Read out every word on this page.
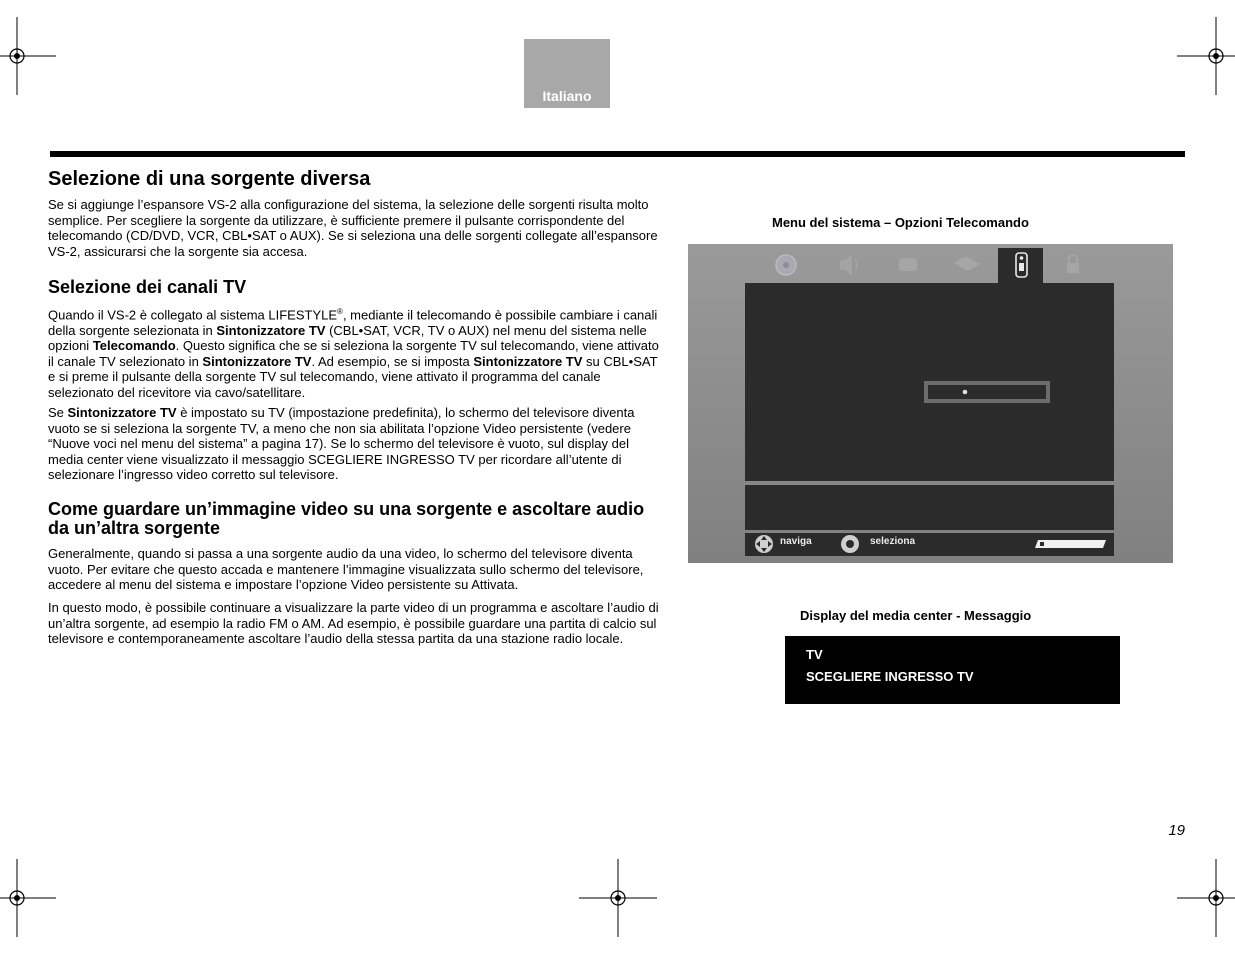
Italiano
Selezione di una sorgente diversa

Se si aggiunge l’espansore VS-2 alla configurazione del sistema, la selezione delle sorgenti risulta molto semplice. Per scegliere la sorgente da utilizzare, è sufficiente premere il pulsante corrispondente del telecomando (CD/DVD, VCR, CBL•SAT o AUX). Se si seleziona una delle sorgenti collegate all’espansore VS-2, assicurarsi che la sorgente sia accesa.

Selezione dei canali TV

Quando il VS-2 è collegato al sistema LIFESTYLE®, mediante il telecomando è possibile cambiare i canali della sorgente selezionata in Sintonizzatore TV (CBL•SAT, VCR, TV o AUX) nel menu del sistema nelle opzioni Telecomando. Questo significa che se si seleziona la sorgente TV sul telecomando, viene attivato il canale TV selezionato in Sintonizzatore TV. Ad esempio, se si imposta Sintonizzatore TV su CBL•SAT e si preme il pulsante della sorgente TV sul telecomando, viene attivato il programma del canale selezionato del ricevitore via cavo/satellitare.

Se Sintonizzatore TV è impostato su TV (impostazione predefinita), lo schermo del televisore diventa vuoto se si seleziona la sorgente TV, a meno che non sia abilitata l’opzione Video persistente (vedere “Nuove voci nel menu del sistema” a pagina 17). Se lo schermo del televisore è vuoto, sul display del media center viene visualizzato il messaggio SCEGLIERE INGRESSO TV per ricordare all’utente di selezionare l’ingresso video corretto sul televisore.

Come guardare un’immagine video su una sorgente e ascoltare audio da un’altra sorgente

Generalmente, quando si passa a una sorgente audio da una video, lo schermo del televisore diventa vuoto. Per evitare che questo accada e mantenere l’immagine visualizzata sullo schermo del televisore, accedere al menu del sistema e impostare l’opzione Video persistente su Attivata.

In questo modo, è possibile continuare a visualizzare la parte video di un programma e ascoltare l’audio di un’altra sorgente, ad esempio la radio FM o AM. Ad esempio, è possibile guardare una partita di calcio sul televisore e contemporaneamente ascoltare l’audio della stessa partita da una stazione radio locale.

Menu del sistema – Opzioni Telecomando
naviga	seleziona
Display del media center - Messaggio
TV
SCEGLIERE INGRESSO TV
19
